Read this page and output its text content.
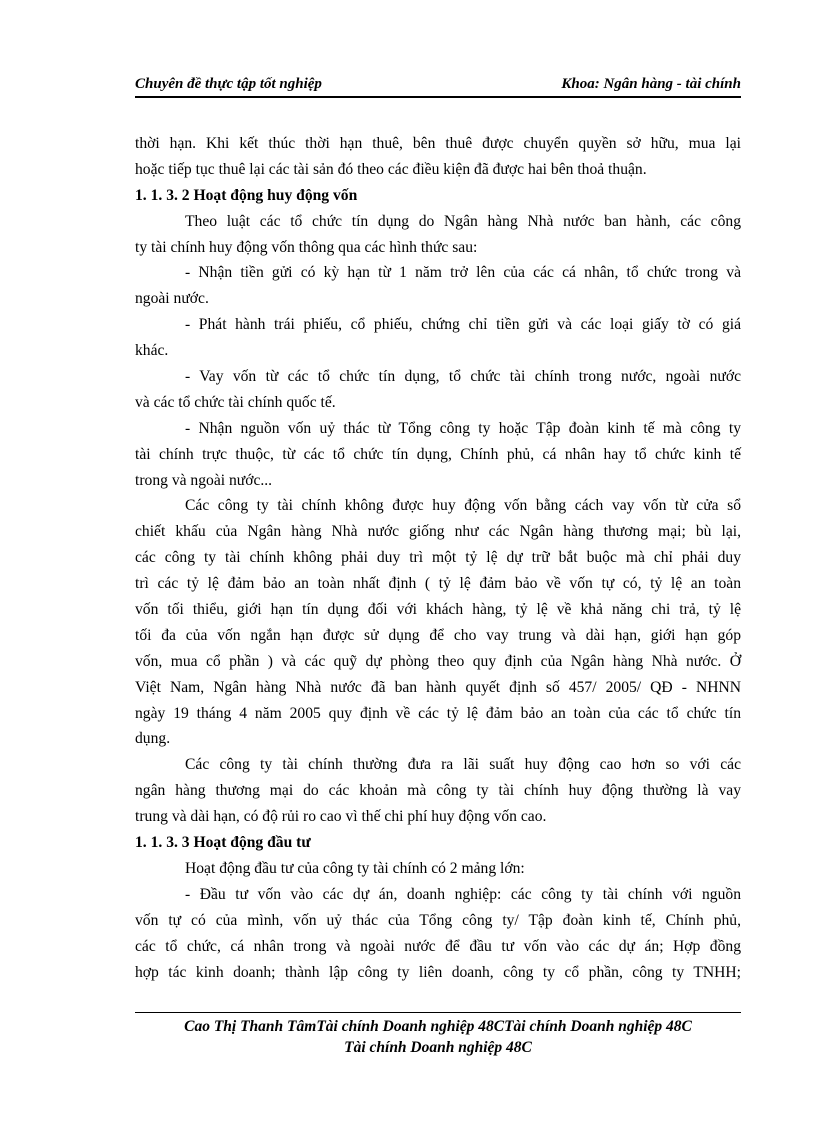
Chuyên đề thực tập tốt nghiệp	Khoa: Ngân hàng - tài chính
thời hạn. Khi kết thúc thời hạn thuê, bên thuê được chuyển quyền sở hữu, mua lại
hoặc tiếp tục thuê lại các tài sản đó theo các điều kiện đã được hai bên thoả thuận.
1. 1. 3. 2 Hoạt động huy động vốn
Theo luật các tổ chức tín dụng do Ngân hàng Nhà nước ban hành, các công
ty tài chính huy động vốn thông qua các hình thức sau:
- Nhận tiền gửi có kỳ hạn từ 1 năm trở lên của các cá nhân, tổ chức trong và
ngoài nước.
- Phát hành trái phiếu, cổ phiếu, chứng chỉ tiền gửi và các loại giấy tờ có giá
khác.
- Vay vốn từ các tổ chức tín dụng, tổ chức tài chính trong nước, ngoài nước
và các tổ chức tài chính quốc tế.
- Nhận nguồn vốn uỷ thác từ Tổng công ty hoặc Tập đoàn kinh tế mà công ty
tài chính trực thuộc, từ các tổ chức tín dụng, Chính phủ, cá nhân hay tổ chức kinh tế
trong và ngoài nước...
Các công ty tài chính không được huy động vốn bằng cách vay vốn từ cửa sổ
chiết khấu của Ngân hàng Nhà nước giống như các Ngân hàng thương mại; bù lại,
các công ty tài chính không phải duy trì một tỷ lệ dự trữ bắt buộc mà chỉ phải duy
trì các tỷ lệ đảm bảo an toàn nhất định ( tỷ lệ đảm bảo về vốn tự có, tỷ lệ an toàn
vốn tối thiểu, giới hạn tín dụng đối với khách hàng, tỷ lệ về khả năng chi trả, tỷ lệ
tối đa của vốn ngắn hạn được sử dụng để cho vay trung và dài hạn, giới hạn góp
vốn, mua cổ phần ) và các quỹ dự phòng theo quy định của Ngân hàng Nhà nước. Ở
Việt Nam, Ngân hàng Nhà nước đã ban hành quyết định số 457/ 2005/ QĐ - NHNN
ngày 19 tháng 4 năm 2005 quy định về các tỷ lệ đảm bảo an toàn của các tổ chức tín
dụng.
Các công ty tài chính thường đưa ra lãi suất huy động cao hơn so với các
ngân hàng thương mại do các khoản mà công ty tài chính huy động thường là vay
trung và dài hạn, có độ rủi ro cao vì thế chi phí huy động vốn cao.
1. 1. 3. 3 Hoạt động đầu tư
Hoạt động đầu tư của công ty tài chính có 2 mảng lớn:
- Đầu tư vốn vào các dự án, doanh nghiệp: các công ty tài chính với nguồn
vốn tự có của mình, vốn uỷ thác của Tổng công ty/ Tập đoàn kinh tế, Chính phủ,
các tổ chức, cá nhân trong và ngoài nước để đầu tư vốn vào các dự án; Hợp đồng
hợp tác kinh doanh; thành lập công ty liên doanh, công ty cổ phần, công ty TNHH;
Cao Thị Thanh TâmTài chính Doanh nghiệp 48CTài chính Doanh nghiệp 48C
Tài chính Doanh nghiệp 48C
